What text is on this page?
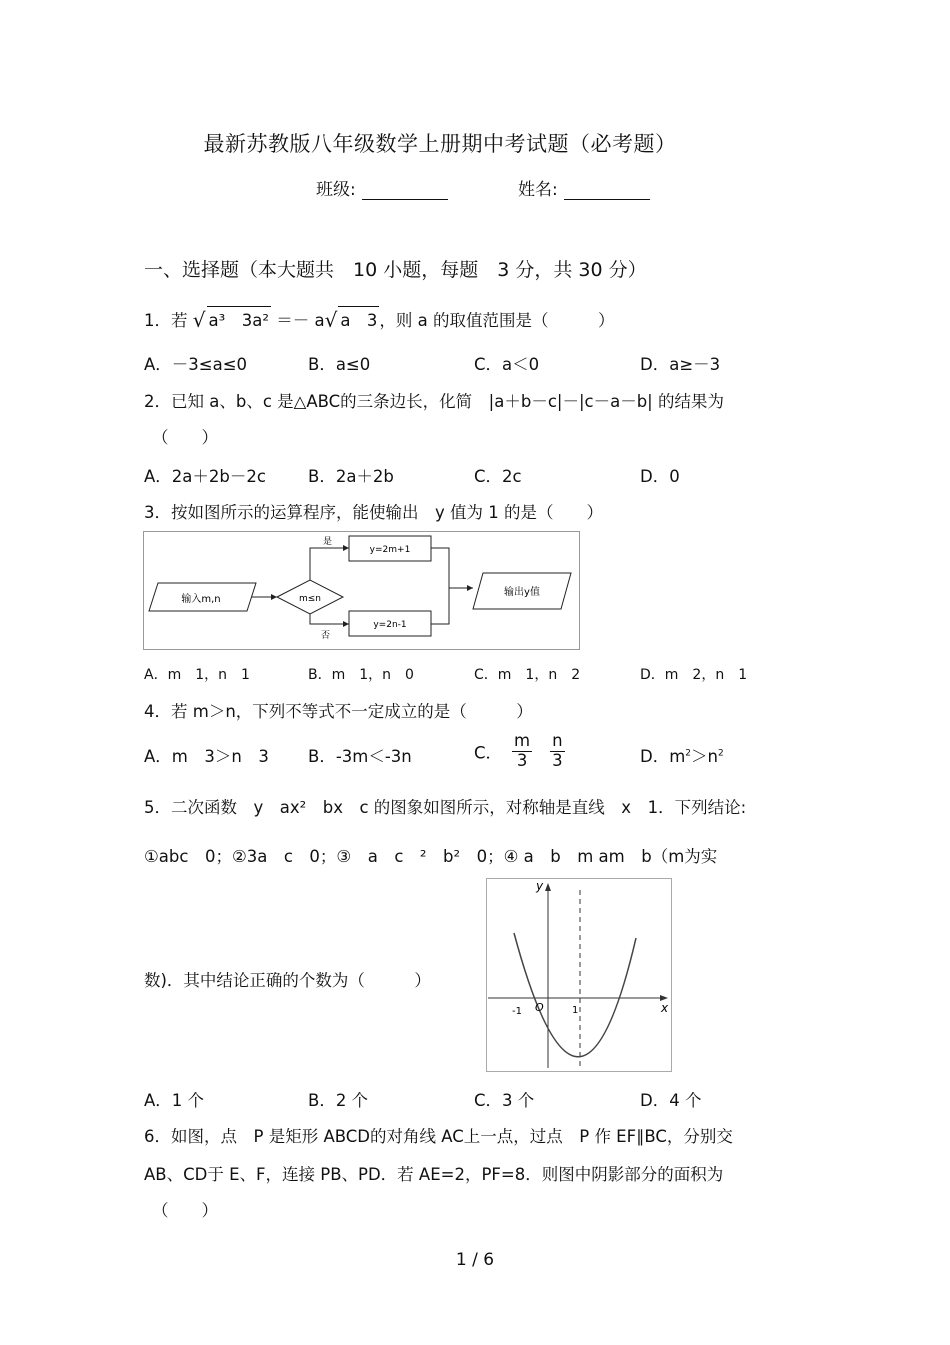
最新苏教版八年级数学上册期中考试题（必考题）
班级:	姓名:
一、选择题（本大题共　10 小题，每题　3 分，共 30 分）
1．若 √ a³　3a² ＝－ a√ a　3 ，则 a 的取值范围是（　　　）
A．－3≤a≤0	B．a≤0	C．a＜0	D．a≥－3
2．已知 a、b、c 是△ABC的三条边长，化简　|a＋b－c|－|c－a－b| 的结果为
（　　）
A．2a＋2b－2c	B．2a＋2b	C．2c	D．0
3．按如图所示的运算程序，能使输出　y 值为 1 的是（　　）
输入m,n	m≤n
是
否
y=2m+1
y=2n-1
输出y值
A．m　1，n　1	B．m　1，n　0	C．m　1，n　2	D．m　2，n　1
4．若 m＞n，下列不等式不一定成立的是（　　　）
A．m　3＞n　3 B．-3m＜-3n	C． $\frac{m}{3} \frac{n}{3}$	D．$m^2>n^2$
5．二次函数　y　ax²　bx　c 的图象如图所示，对称轴是直线　x　1．下列结论:
①abc　0；②3a　c　0；③　a　c　²　b²　0；④ a　b　m am　b（m为实
y
x
-1 O	1
数)．其中结论正确的个数为（　　　）
A．1 个	B．2 个	C．3 个	D．4 个
6．如图，点　P 是矩形 ABCD的对角线 AC上一点，过点　P 作 EF∥BC，分别交
AB、CD于 E、F，连接 PB、PD．若 AE=2，PF=8．则图中阴影部分的面积为
（　　）
1 / 6
